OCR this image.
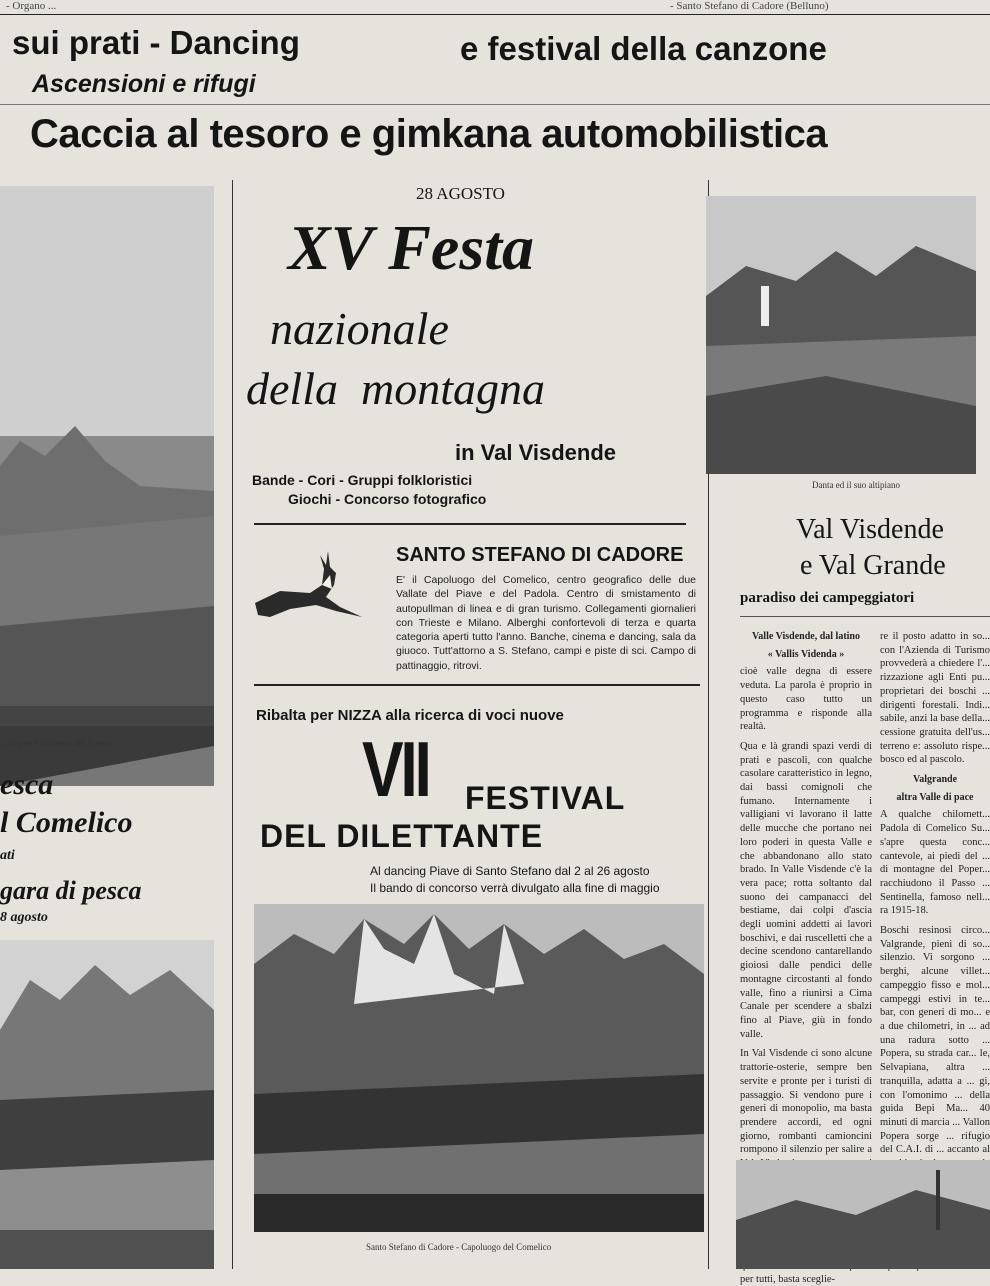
- Organo ...	- Santo Stefano di Cadore (Belluno)
sui prati - Dancing	e festival della canzone
Ascensioni e rifugi
Caccia al tesoro e gimkana automobilistica
...zzagno e la catena del Popera
esca
l Comelico
ati
gara di pesca
8 agosto
28 AGOSTO
XV Festa
nazionale
della  montagna
in Val Visdende
Bande - Cori - Gruppi folkloristici
Giochi - Concorso fotografico
SANTO STEFANO DI CADORE
E' il Capoluogo del Comelico, centro geografico delle due Vallate del Piave e del Padola. Centro di smistamento di autopullman di linea e di gran turismo. Collegamenti giornalieri con Trieste e Milano. Alberghi confortevoli di terza e quarta categoria aperti tutto l'anno. Banche, cinema e dancing, sala da giuoco. Tutt'attorno a S. Stefano, campi e piste di sci. Campo di pattinaggio, ritrovi.
Ribalta per NIZZA alla ricerca di voci nuove
VII FESTIVAL
DEL DILETTANTE
Al dancing Piave di Santo Stefano dal 2 al 26 agosto
Il bando di concorso verrà divulgato alla fine di maggio
Santo Stefano di Cadore - Capoluogo del Comelico
Danta ed il suo altipiano
Val Visdende
e Val Grande
paradiso dei campeggiatori

Valle Visdende, dal latino

« Vallis Videnda »

cioè valle degna di essere veduta. La parola è proprio in questo caso tutto un programma e risponde alla realtà.

Qua e là grandi spazi verdi di prati e pascoli, con qualche casolare caratteristico in legno, dai bassi comignoli che fumano. Internamente i valligiani vi lavorano il latte delle mucche che portano nei loro poderi in questa Valle e che abbandonano allo stato brado. In Valle Visdende c'è la vera pace; rotta soltanto dal suono dei campanacci del bestiame, dai colpi d'ascia degli uomini addetti ai lavori boschivi, e dai ruscelletti che a decine scendono cantarellando gioiosi dalle pendici delle montagne circostanti al fondo valle, fino a riunirsi a Cima Canale per scendere a sbalzi fino al Piave, giù in fondo valle.

In Val Visdende ci sono alcune trattorie-osterie, sempre ben servite e pronte per i turisti di passaggio. Si vendono pure i generi di monopolio, ma basta prendere accordi, ed ogni giorno, rombanti camioncini rompono il silenzio per salire a

per tutti, basta sceglie-

re il posto adatto in so... con l'Azienda di Turismo provvederà a chiedere l'... rizzazione agli Enti pu... proprietari dei boschi ... dirigenti forestali. Indi... sabile, anzi la base della... cessione gratuita dell'us... terreno e: assoluto rispe... bosco ed al pascolo.

Valgrande

altra Valle di pace

A qualche chilomett... Padola di Comelico Su... s'apre questa conc... cantevole, ai piedi del ... di montagne del Poper... racchiudono il Passo ... Sentinella, famoso nell... ra 1915-18.

Boschi resinosi circo... Valgrande, pieni di so... silenzio. Vi sorgono ... berghi, alcune villet... campeggio fisso e mol... campeggi estivi in te... bar, con generi di mo... e a due chilometri, in ... ad una radura sotto ... Popera, su strada car... le, Selvapiana, altra ... tranquilla, adatta a ... gi, con l'omonimo ... della guida Bepi Ma... 40 minuti di marcia ... Vallon Popera sorge ... rifugio del C.A.I. di ... accanto al
